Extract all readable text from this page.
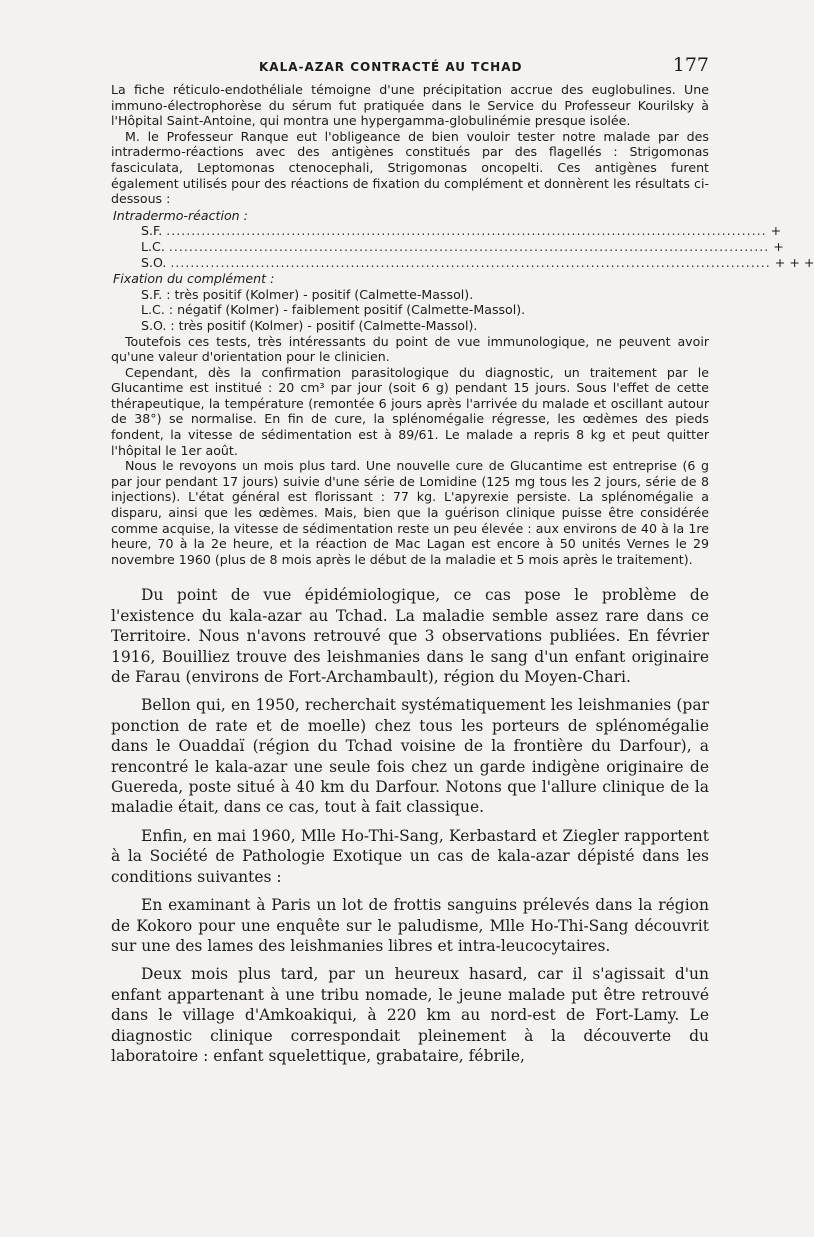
KALA-AZAR CONTRACTÉ AU TCHAD	177

La fiche réticulo-endothéliale témoigne d'une précipitation accrue des euglobulines. Une immuno-électrophorèse du sérum fut pratiquée dans le Service du Professeur Kourilsky à l'Hôpital Saint-Antoine, qui montra une hypergamma-globulinémie presque isolée.

M. le Professeur Ranque eut l'obligeance de bien vouloir tester notre malade par des intradermo-réactions avec des antigènes constitués par des flagellés : Strigomonas fasciculata, Leptomonas ctenocephali, Strigomonas oncopelti. Ces antigènes furent également utilisés pour des réactions de fixation du complément et donnèrent les résultats ci-dessous :

Intradermo-réaction :
S.F. ........................................................................................................................ +
L.C. ........................................................................................................................ +
S.O. ........................................................................................................................ + + +
Fixation du complément :
S.F. : très positif (Kolmer) - positif (Calmette-Massol).
L.C. : négatif (Kolmer) - faiblement positif (Calmette-Massol).
S.O. : très positif (Kolmer) - positif (Calmette-Massol).

Toutefois ces tests, très intéressants du point de vue immunologique, ne peuvent avoir qu'une valeur d'orientation pour le clinicien.

Cependant, dès la confirmation parasitologique du diagnostic, un traitement par le Glucantime est institué : 20 cm³ par jour (soit 6 g) pendant 15 jours. Sous l'effet de cette thérapeutique, la température (remontée 6 jours après l'arrivée du malade et oscillant autour de 38°) se normalise. En fin de cure, la splénomégalie régresse, les œdèmes des pieds fondent, la vitesse de sédimentation est à 89/61. Le malade a repris 8 kg et peut quitter l'hôpital le 1er août.

Nous le revoyons un mois plus tard. Une nouvelle cure de Glucantime est entreprise (6 g par jour pendant 17 jours) suivie d'une série de Lomidine (125 mg tous les 2 jours, série de 8 injections). L'état général est florissant : 77 kg. L'apyrexie persiste. La splénomégalie a disparu, ainsi que les œdèmes. Mais, bien que la guérison clinique puisse être considérée comme acquise, la vitesse de sédimentation reste un peu élevée : aux environs de 40 à la 1re heure, 70 à la 2e heure, et la réaction de Mac Lagan est encore à 50 unités Vernes le 29 novembre 1960 (plus de 8 mois après le début de la maladie et 5 mois après le traitement).

Du point de vue épidémiologique, ce cas pose le problème de l'existence du kala-azar au Tchad. La maladie semble assez rare dans ce Territoire. Nous n'avons retrouvé que 3 observations publiées. En février 1916, Bouilliez trouve des leishmanies dans le sang d'un enfant originaire de Farau (environs de Fort-Archambault), région du Moyen-Chari.

Bellon qui, en 1950, recherchait systématiquement les leishmanies (par ponction de rate et de moelle) chez tous les porteurs de splénomégalie dans le Ouaddaï (région du Tchad voisine de la frontière du Darfour), a rencontré le kala-azar une seule fois chez un garde indigène originaire de Guereda, poste situé à 40 km du Darfour. Notons que l'allure clinique de la maladie était, dans ce cas, tout à fait classique.

Enfin, en mai 1960, Mlle Ho-Thi-Sang, Kerbastard et Ziegler rapportent à la Société de Pathologie Exotique un cas de kala-azar dépisté dans les conditions suivantes :

En examinant à Paris un lot de frottis sanguins prélevés dans la région de Kokoro pour une enquête sur le paludisme, Mlle Ho-Thi-Sang découvrit sur une des lames des leishmanies libres et intra-leucocytaires.

Deux mois plus tard, par un heureux hasard, car il s'agissait d'un enfant appartenant à une tribu nomade, le jeune malade put être retrouvé dans le village d'Amkoakiqui, à 220 km au nord-est de Fort-Lamy. Le diagnostic clinique correspondait pleinement à la découverte du laboratoire : enfant squelettique, grabataire, fébrile,
